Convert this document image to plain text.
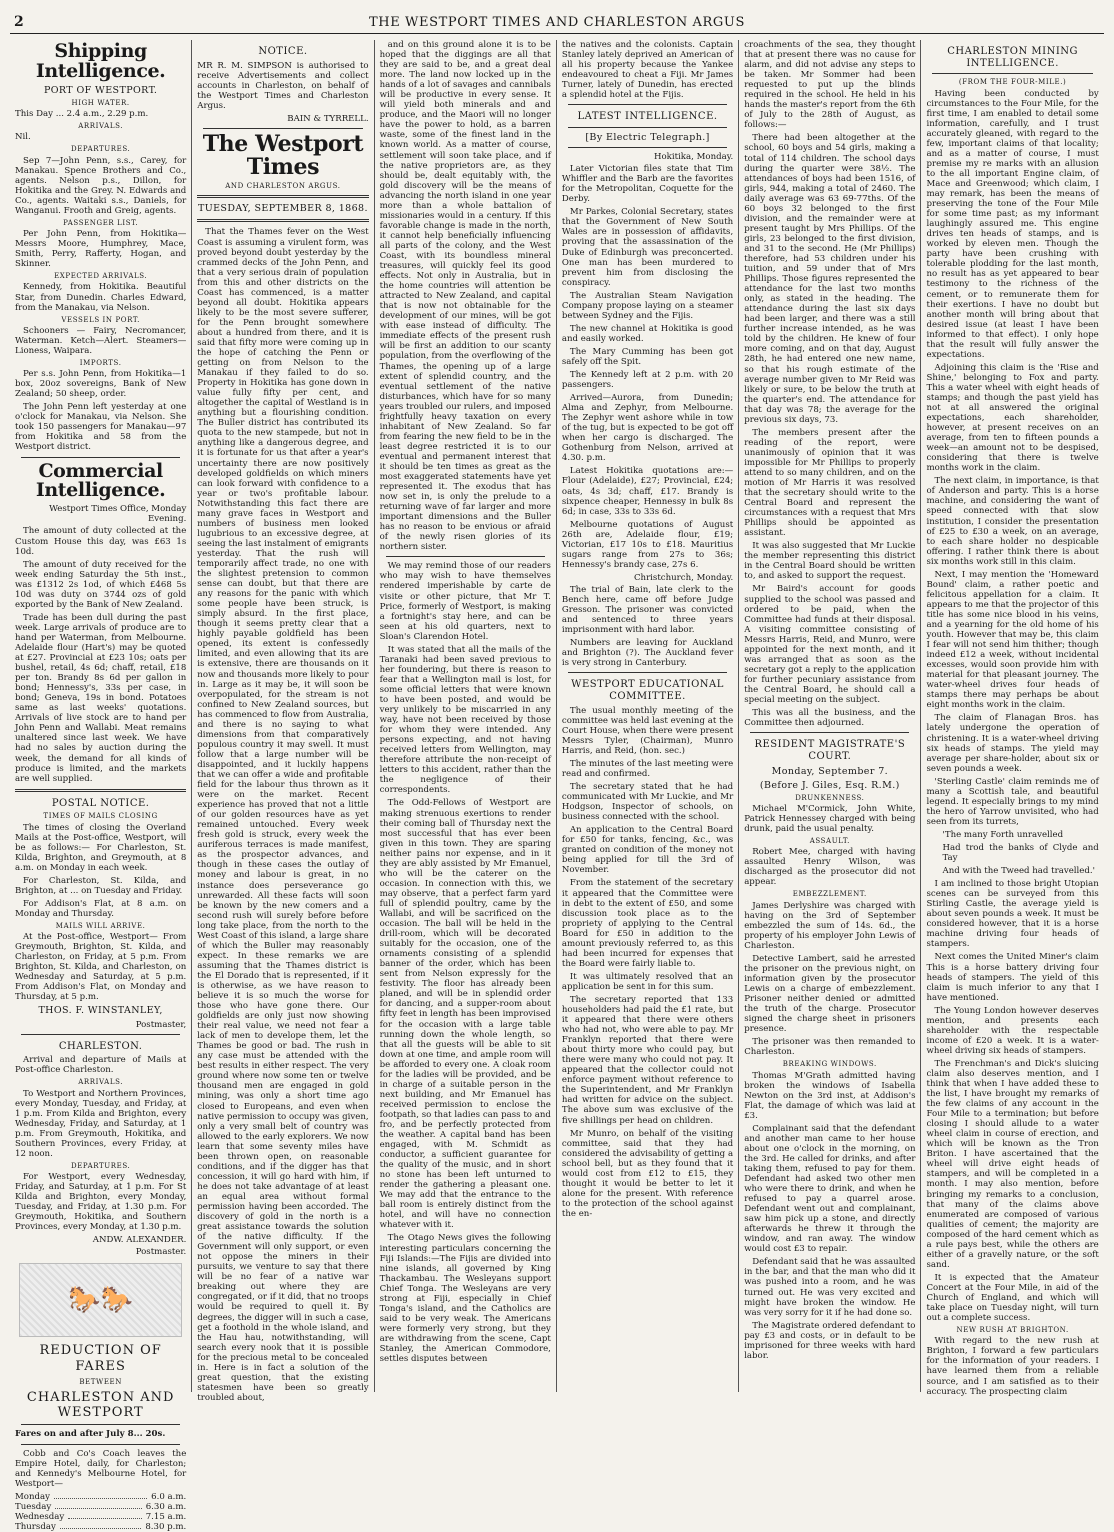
2	THE WESTPORT TIMES AND CHARLESTON ARGUS
Shipping Intelligence.
PORT OF WESTPORT.
HIGH WATER.

This Day ... 2.4 a.m., 2.29 p.m.

ARRIVALS.

Nil.

DEPARTURES.

Sep 7—John Penn, s.s., Carey, for Manakau. Spence Brothers and Co., agents. Nelson p.s., Dillon, for Hokitika and the Grey. N. Edwards and Co., agents. Waitaki s.s., Daniels, for Wanganui. Frooth and Greig, agents.

PASSENGER LIST.

Per John Penn, from Hokitika—Messrs Moore, Humphrey, Mace, Smith, Perry, Rafferty, Hogan, and Skinner.

EXPECTED ARRIVALS.

Kennedy, from Hokitika. Beautiful Star, from Dunedin. Charles Edward, from the Manakau, via Nelson.

VESSELS IN PORT.

Schooners — Fairy, Necromancer, Waterman. Ketch—Alert. Steamers—Lioness, Waipara.

IMPORTS.

Per s.s. John Penn, from Hokitika—1 box, 20oz sovereigns, Bank of New Zealand; 50 sheep, order.

The John Penn left yesterday at one o'clock for Manakau, via Nelson. She took 150 passengers for Manakau—97 from Hokitika and 58 from the Westport district.

Commercial Intelligence.
Westport Times Office, Monday Evening.

The amount of duty collected at the Custom House this day, was £63 1s 10d.

The amount of duty received for the week ending Saturday the 5th inst., was £1312 2s 1od, of which £468 5s 10d was duty on 3744 ozs of gold exported by the Bank of New Zealand.

Trade has been dull during the past week. Large arrivals of produce are to hand per Waterman, from Melbourne. Adelaide flour (Hart's) may be quoted at £27. Provincial at £23 10s; oats per bushel, retail, 4s 6d; chaff, retail, £18 per ton. Brandy 8s 6d per gallon in bond; Hennessy's, 33s per case, in bond; Geneva, 19s in bond. Potatoes same as last weeks' quotations. Arrivals of live stock are to hand per John Penn and Wallabi. Meat remains unaltered since last week. We have had no sales by auction during the week, the demand for all kinds of produce is limited, and the markets are well supplied.

POSTAL NOTICE.
TIMES OF MAILS CLOSING

The times of closing the Overland Mails at the Post-office, Westport, will be as follows:— For Charleston, St. Kilda, Brighton, and Greymouth, at 8 a.m. on Monday in each week.

For Charleston, St. Kilda, and Brighton, at ... on Tuesday and Friday.

For Addison's Flat, at 8 a.m. on Monday and Thursday.

MAILS WILL ARRIVE.

At the Post-office, Westport— From Greymouth, Brighton, St. Kilda, and Charleston, on Friday, at 5 p.m. From Brighton, St. Kilda, and Charleston, on Wednesday and Saturday, at 5 p.m. From Addison's Flat, on Monday and Thursday, at 5 p.m.

THOS. F. WINSTANLEY,
Postmaster,
CHARLESTON.

Arrival and departure of Mails at Post-office Charleston.

ARRIVALS.

To Westport and Northern Provinces, every Monday, Tuesday, and Friday, at 1 p.m. From Kilda and Brighton, every Wednesday, Friday, and Saturday, at 1 p.m. From Greymouth, Hokitika, and Southern Provinces, every Friday, at 12 noon.

DEPARTURES.

For Westport, every Wednesday, Friday, and Saturday, at 1 p.m. For St Kilda and Brighton, every Monday, Tuesday, and Friday, at 1.30 p.m. For Greymouth, Hokitika, and Southern Provinces, every Monday, at 1.30 p.m.

ANDW. ALEXANDER.
Postmaster.
🐎🐎
REDUCTION OF FARES
BETWEEN
CHARLESTON AND WESTPORT

Fares on and after July 8... 20s.

Cobb and Co's Coach leaves the Empire Hotel, daily, for Charleston; and Kennedy's Melbourne Hotel, for Westport—

Monday	6.0 a.m.
Tuesday	6.30 a.m.
Wednesday	7.15 a.m.
Thursday	8.30 p.m.
NOTICE.

MR R. M. SIMPSON is authorised to receive Advertisements and collect accounts in Charleston, on behalf of the Westport Times and Charleston Argus.

BAIN & TYRRELL.
The Westport Times
AND CHARLESTON ARGUS.
TUESDAY, SEPTEMBER 8, 1868.

That the Thames fever on the West Coast is assuming a virulent form, was proved beyond doubt yesterday by the crammed decks of the John Penn, and that a very serious drain of population from this and other districts on the Coast has commenced, is a matter beyond all doubt. Hokitika appears likely to be the most severe sufferer, for the Penn brought somewhere about a hundred from there, and it is said that fifty more were coming up in the hope of catching the Penn or getting on from Nelson to the Manakau if they failed to do so. Property in Hokitika has gone down in value fully fifty per cent, and altogether the capital of Westland is in anything but a flourishing condition. The Buller district has contributed its quota to the new stampede, but not in anything like a dangerous degree, and it is fortunate for us that after a year's uncertainty there are now positively developed goldfields on which miners can look forward with confidence to a year or two's profitable labour. Notwithstanding this fact there are many grave faces in Westport and numbers of business men looked lugubrious to an excessive degree, at seeing the last instalment of emigrants yesterday. That the rush will temporarily affect trade, no one with the slightest pretension to common sense can doubt, but that there are any reasons for the panic with which some people have been struck, is simply absurd. In the first place, though it seems pretty clear that a highly payable goldfield has been opened, its extent is confessedly limited, and even allowing that its are is extensive, there are thousands on it now and thousands more likely to pour in. Large as it may be, it will soon be overpopulated, for the stream is not confined to New Zealand sources, but has commenced to flow from Australia, and there is no saying to what dimensions from that comparatively populous country it may swell. It must follow that a large number will be disappointed, and it luckily happens that we can offer a wide and profitable field for the labour thus thrown as it were on the market. Recent experience has proved that not a little of our golden resources have as yet remained untouched. Every week fresh gold is struck, every week the auriferous terraces is made manifest, as the prospector advances, and though in these cases the outlay of money and labour is great, in no instance does perseverance go unrewarded. All these facts will soon be known by the new comers and a second rush will surely before before long take place, from the north to the West Coast of this island, a large share of which the Buller may reasonably expect. In these remarks we are assuming that the Thames district is the El Dorado that is represented, if it is otherwise, as we have reason to believe it is so much the worse for those who have gone there. Our goldfields are only just now showing their real value, we need not fear a lack of men to develope them, let the Thames be good or bad. The rush in any case must be attended with the best results in either respect. The very ground where now some ten or twelve thousand men are engaged in gold mining, was only a short time ago closed to Europeans, and even when native permission to occupy was given, only a very small belt of country was allowed to the early explorers. We now learn that some seventy miles have been thrown open, on reasonable conditions, and if the digger has that concession, it will go hard with him, if he does not take advantage of at least an equal area without formal permission having been accorded. The discovery of gold in the north is a great assistance towards the solution of the native difficulty. If the Government will only support, or even not oppose the miners in their pursuits, we venture to say that there will be no fear of a native war breaking out where they are congregated, or if it did, that no troops would be required to quell it. By degrees, the digger will in such a case, get a foothold in the whole island, and the Hau hau, notwithstanding, will search every nook that it is possible for the precious metal to be concealed in. Here is in fact a solution of the great question, that the existing statesmen have been so greatly troubled about,

and on this ground alone it is to be hoped that the diggings are all that they are said to be, and a great deal more. The land now locked up in the hands of a lot of savages and cannibals will be productive in every sense. It will yield both minerals and and produce, and the Maori will no longer have the power to hold, as a barren waste, some of the finest land in the known world. As a matter of course, settlement will soon take place, and if the native proprietors are, as they should be, dealt equitably with, the gold discovery will be the means of advancing the north island in one year more than a whole battalion of missionaries would in a century. If this favorable change is made in the north, it cannot help beneficially influencing all parts of the colony, and the West Coast, with its boundless mineral treasures, will quickly feel its good effects. Not only in Australia, but in the home countries will attention be attracted to New Zealand, and capital that is now not obtainable for the development of our mines, will be got with ease instead of difficulty. The immediate effects of the present rush will be first an addition to our scanty population, from the overflowing of the Thames, the opening up of a large extent of splendid country, and the eventual settlement of the native disturbances, which have for so many years troubled our rulers, and imposed frightfully heavy taxation on every inhabitant of New Zealand. So far from fearing the new field to be in the least degree restricted it is to our eventual and permanent interest that it should be ten times as great as the most exaggerated statements have yet represented it. The exodus that has now set in, is only the prelude to a returning wave of far larger and more important dimensions and the Buller has no reason to be envious or afraid of the newly risen glories of its northern sister.

We may remind those of our readers who may wish to have themselves rendered imperishable by carte de visite or other picture, that Mr T. Price, formerly of Westport, is making a fortnight's stay here, and can be seen at his old quarters, next to Sloan's Clarendon Hotel.

It was stated that all the mails of the Taranaki had been saved previous to her foundering, but there is reason to fear that a Wellington mail is lost, for some official letters that were known to have been posted, and would be very unlikely to be miscarried in any way, have not been received by those for whom they were intended. Any persons expecting, and not having received letters from Wellington, may therefore attribute the non-receipt of letters to this accident, rather than the the negligence of their correspondents.

The Odd-Fellows of Westport are making strenuous exertions to render their coming ball of Thursday next the most successful that has ever been given in this town. They are sparing neither pains nor expense, and in it they are ably assisted by Mr Emanuel, who will be the caterer on the occasion. In connection with this, we may observe, that a perfect farm yard full of splendid poultry, came by the Wallabi, and will be sacrificed on the occasion. The ball will be held in the drill-room, which will be decorated suitably for the occasion, one of the ornaments consisting of a splendid banner of the order, which has been sent from Nelson expressly for the festivity. The floor has already been planed, and will be in splendid order for dancing, and a supper-room about fifty feet in length has been improvised for the occasion with a large table running down the whole length, so that all the guests will be able to sit down at one time, and ample room will be afforded to every one. A cloak room for the ladies will be provided, and be in charge of a suitable person in the next building, and Mr Emanuel has received permission to enclose the footpath, so that ladies can pass to and fro, and be perfectly protected from the weather. A capital band has been engaged, with M. Schmidt as conductor, a sufficient guarantee for the quality of the music, and in short no stone has been left unturned to render the gathering a pleasant one. We may add that the entrance to the ball room is entirely distinct from the hotel, and will have no connection whatever with it.

The Otago News gives the following interesting particulars concerning the Fiji Islands:—The Fijis are divided into nine islands, all governed by King Thackambau. The Wesleyans support Chief Tonga. The Wesleyans are very strong at Fiji, especially in Chief Tonga's island, and the Catholics are said to be very weak. The Americans were formerly very strong, but they are withdrawing from the scene, Capt Stanley, the American Commodore, settles disputes between

the natives and the colonists. Captain Stanley lately deprived an American of all his property because the Yankee endeavoured to cheat a Fiji. Mr James Turner, lately of Dunedin, has erected a splendid hotel at the Fijis.

LATEST INTELLIGENCE.
[By Electric Telegraph.]
Hokitika, Monday.

Later Victorian files state that Tim Whiffler and the Barb are the favorites for the Metropolitan, Coquette for the Derby.

Mr Parkes, Colonial Secretary, states that the Government of New South Wales are in possession of affidavits, proving that the assassination of the Duke of Edinburgh was preconcerted. One man has been murdered to prevent him from disclosing the conspiracy.

The Australian Steam Navigation Company propose laying on a steamer between Sydney and the Fijis.

The new channel at Hokitika is good and easily worked.

The Mary Cumming has been got safely off the Spit.

The Kennedy left at 2 p.m. with 20 passengers.

Arrived—Aurora, from Dunedin; Alma and Zephyr, from Melbourne. The Zephyr went ashore while in tow of the tug, but is expected to be got off when her cargo is discharged. The Gothenburg from Nelson, arrived at 4.30. p.m.

Latest Hokitika quotations are:—Flour (Adelaide), £27; Provincial, £24; oats, 4s 3d; chaff, £17. Brandy is sixpence cheaper, Hennessy in bulk 8s 6d; in case, 33s to 33s 6d.

Melbourne quotations of August 26th are, Adelaide flour, £19; Victorian, £17 10s to £18. Mauritius sugars range from 27s to 36s; Hennessy's brandy case, 27s 6.

Christchurch, Monday.

The trial of Bain, late clerk to the Bench here, came off before Judge Gresson. The prisoner was convicted and sentenced to three years imprisonment with hard labor.

Numbers are leaving for Auckland and Brighton (?). The Auckland fever is very strong in Canterbury.

WESTPORT EDUCATIONAL COMMITTEE.

The usual monthly meeting of the committee was held last evening at the Court House, when there were present Messrs Tyler, (Chairman), Munro Harris, and Reid, (hon. sec.)

The minutes of the last meeting were read and confirmed.

The secretary stated that he had communicated with Mr Luckie, and Mr Hodgson, Inspector of schools, on business connected with the school.

An application to the Central Board for £50 for tanks, fencing, &c., was granted on condition of the money not being applied for till the 3rd of November.

From the statement of the secretary it appeared that the Committee were in debt to the extent of £50, and some discussion took place as to the propriety of applying to the Central Board for £50 in addition to the amount previously referred to, as this had been incurred for expenses that the Board were fairly liable to.

It was ultimately resolved that an application be sent in for this sum.

The secretary reported that 133 householders had paid the £1 rate, but it appeared that there were others who had not, who were able to pay. Mr Franklyn reported that there were about thirty more who could pay, but there were many who could not pay. It appeared that the collector could not enforce payment without reference to the Superintendent, and Mr Franklyn had written for advice on the subject. The above sum was exclusive of the five shillings per head on children.

Mr Munro, on behalf of the visiting committee, said that they had considered the advisability of getting a school bell, but as they found that it would cost from £12 to £15, they thought it would be better to let it alone for the present. With reference to the protection of the school against the en-

croachments of the sea, they thought that at present there was no cause for alarm, and did not advise any steps to be taken. Mr Sommer had been requested to put up the blinds required in the school. He held in his hands the master's report from the 6th of July to the 28th of August, as follows:—

There had been altogether at the school, 60 boys and 54 girls, making a total of 114 children. The school days during the quarter were 38½. The attendances of boys had been 1516, of girls, 944, making a total of 2460. The daily average was 63 69-77ths. Of the 60 boys 32 belonged to the first division, and the remainder were at present taught by Mrs Phillips. Of the girls, 23 belonged to the first division, and 31 to the second. He (Mr Phillips) therefore, had 53 children under his tuition, and 59 under that of Mrs Phillips. Those figures represented the attendance for the last two months only, as stated in the heading. The attendance during the last six days had been larger, and there was a still further increase intended, as he was told by the children. He knew of four more coming, and on that day, August 28th, he had entered one new name, so that his rough estimate of the average number given to Mr Reid was likely or sure, to be below the truth at the quarter's end. The attendance for that day was 78; the average for the previous six days, 73.

The members present after the reading of the report, were unanimously of opinion that it was impossible for Mr Phillips to properly attend to so many children, and on the motion of Mr Harris it was resolved that the secretary should write to the Central Board and represent the circumstances with a request that Mrs Phillips should be appointed as assistant.

It was also suggested that Mr Luckie the member representing this district in the Central Board should be written to, and asked to support the request.

Mr Baird's account for goods supplied to the school was passed and ordered to be paid, when the Committee had funds at their disposal. A visiting committee consisting of Messrs Harris, Reid, and Munro, were appointed for the next month, and it was arranged that as soon as the secretary got a reply to the application for further pecuniary assistance from the Central Board, he should call a special meeting on the subject.

This was all the business, and the Committee then adjourned.

RESIDENT MAGISTRATE'S COURT.
Monday, September 7.
(Before J. Giles, Esq. R.M.)
DRUNKENNESS.

Michael M'Cormick, John White, Patrick Hennessey charged with being drunk, paid the usual penalty.

ASSAULT.

Robert Mee, charged with having assaulted Henry Wilson, was discharged as the prosecutor did not appear.

EMBEZZLEMENT.

James Derlyshire was charged with having on the 3rd of September embezzled the sum of 14s. 6d., the property of his employer John Lewis of Charleston.

Detective Lambert, said he arrested the prisoner on the previous night, on information given by the prosecutor Lewis on a charge of embezzlement. Prisoner neither denied or admitted the truth of the charge. Prosecutor signed the charge sheet in prisoners presence.

The prisoner was then remanded to Charleston.

BREAKING WINDOWS.

Thomas M'Grath admitted having broken the windows of Isabella Newton on the 3rd inst, at Addison's Flat, the damage of which was laid at £3.

Complainant said that the defendant and another man came to her house about one o'clock in the morning, on the 3rd. He called for drinks, and after taking them, refused to pay for them. Defendant had asked two other men who were there to drink, and when he refused to pay a quarrel arose. Defendant went out and complainant, saw him pick up a stone, and directly afterwards he threw it through the window, and ran away. The window would cost £3 to repair.

Defendant said that he was assaulted in the bar, and that the man who did it was pushed into a room, and he was turned out. He was very excited and might have broken the window. He was very sorry for it if he had done so.

The Magistrate ordered defendant to pay £3 and costs, or in default to be imprisoned for three weeks with hard labor.

CHARLESTON MINING INTELLIGENCE.
(FROM THE FOUR-MILE.)

Having been conducted by circumstances to the Four Mile, for the first time, I am enabled to detail some information, carefully, and I trust accurately gleaned, with regard to the few, important claims of that locality; and as a matter of course, I must premise my re marks with an allusion to the all important Engine claim, of Mace and Greenwood; which claim, I may remark, has been the means of preserving the tone of the Four Mile for some time past; as my informant laughingly assured me. This engine drives ten heads of stamps, and is worked by eleven men. Though the party have been crushing with tolerable plodding for the last month, no result has as yet appeared to bear testimony to the richness of the cement, or to remunerate them for their exertions. I have no doubt but another month will bring about that desired issue (at least I have been informed to that effect). I only hope that the result will fully answer the expectations.

Adjoining this claim is the 'Rise and Shine,' belonging to Fox and party. This a water wheel with eight heads of stamps; and though the past yield has not at all answered the original expectations, each shareholder, however, at present receives on an average, from ten to fifteen pounds a week—an amount not to be despised, considering that there is twelve months work in the claim.

The next claim, in importance, is that of Anderson and party. This is a horse machine, and considering the want of speed connected with that slow institution, I consider the presentation of £25 to £30 a week, on an average, to each share holder no despicable offering. I rather think there is about six months work still in this claim.

Next, I may mention the 'Homeward Bound' claim, a rather poetic and felicitous appellation for a claim. It appears to me that the projector of this title has some nice blood in his veins, and a yearning for the old home of his youth. However that may be, this claim I fear will not send him thither; though indeed £12 a week, without incidental excesses, would soon provide him with material for that pleasant journey. The water-wheel drives four heads of stamps there may perhaps be about eight months work in the claim.

The claim of Flanagan Bros. has lately undergone the operation of christening. It is a water-wheel driving six heads of stamps. The yield may average per share-holder, about six or seven pounds a week.

'Sterling Castle' claim reminds me of many a Scottish tale, and beautiful legend. It especially brings to my mind the hero of Yarrow unvisited, who had seen from its turrets,

'The many Forth unravelled

Had trod the banks of Clyde and Tay

And with the Tweed had travelled.'

I am inclined to those bright Utopian scenes can be surveyed from this Stirling Castle, the average yield is about seven pounds a week. It must be considered however, that it is a horse machine driving four heads of stampers.

Next comes the United Miner's claim This is a horse battery driving four heads of stampers. The yield of this claim is much inferior to any that I have mentioned.

The Young London however deserves mention, and presents each shareholder with the respectable income of £20 a week. It is a water-wheel driving six heads of stampers.

The Frenchman's and Dick's sluicing claim also deserves mention, and I think that when I have added these to the list, I have brought my remarks of the few claims of any account in the Four Mile to a termination; but before closing I should allude to a water wheel claim in course of erection, and which will be known as the Tron Briton. I have ascertained that the wheel will drive eight heads of stampers, and will be completed in a month. I may also mention, before bringing my remarks to a conclusion, that many of the claims above enumerated are composed of various qualities of cement; the majority are composed of the hard cement which as a rule pays best, while the others are either of a gravelly nature, or the soft sand.

It is expected that the Amateur Concert at the Four Mile, in aid of the Church of England, and which will take place on Tuesday night, will turn out a complete success.

NEW RUSH AT BRIGHTON.

With regard to the new rush at Brighton, I forward a few particulars for the information of your readers. I have learned them from a reliable source, and I am satisfied as to their accuracy. The prospecting claim
